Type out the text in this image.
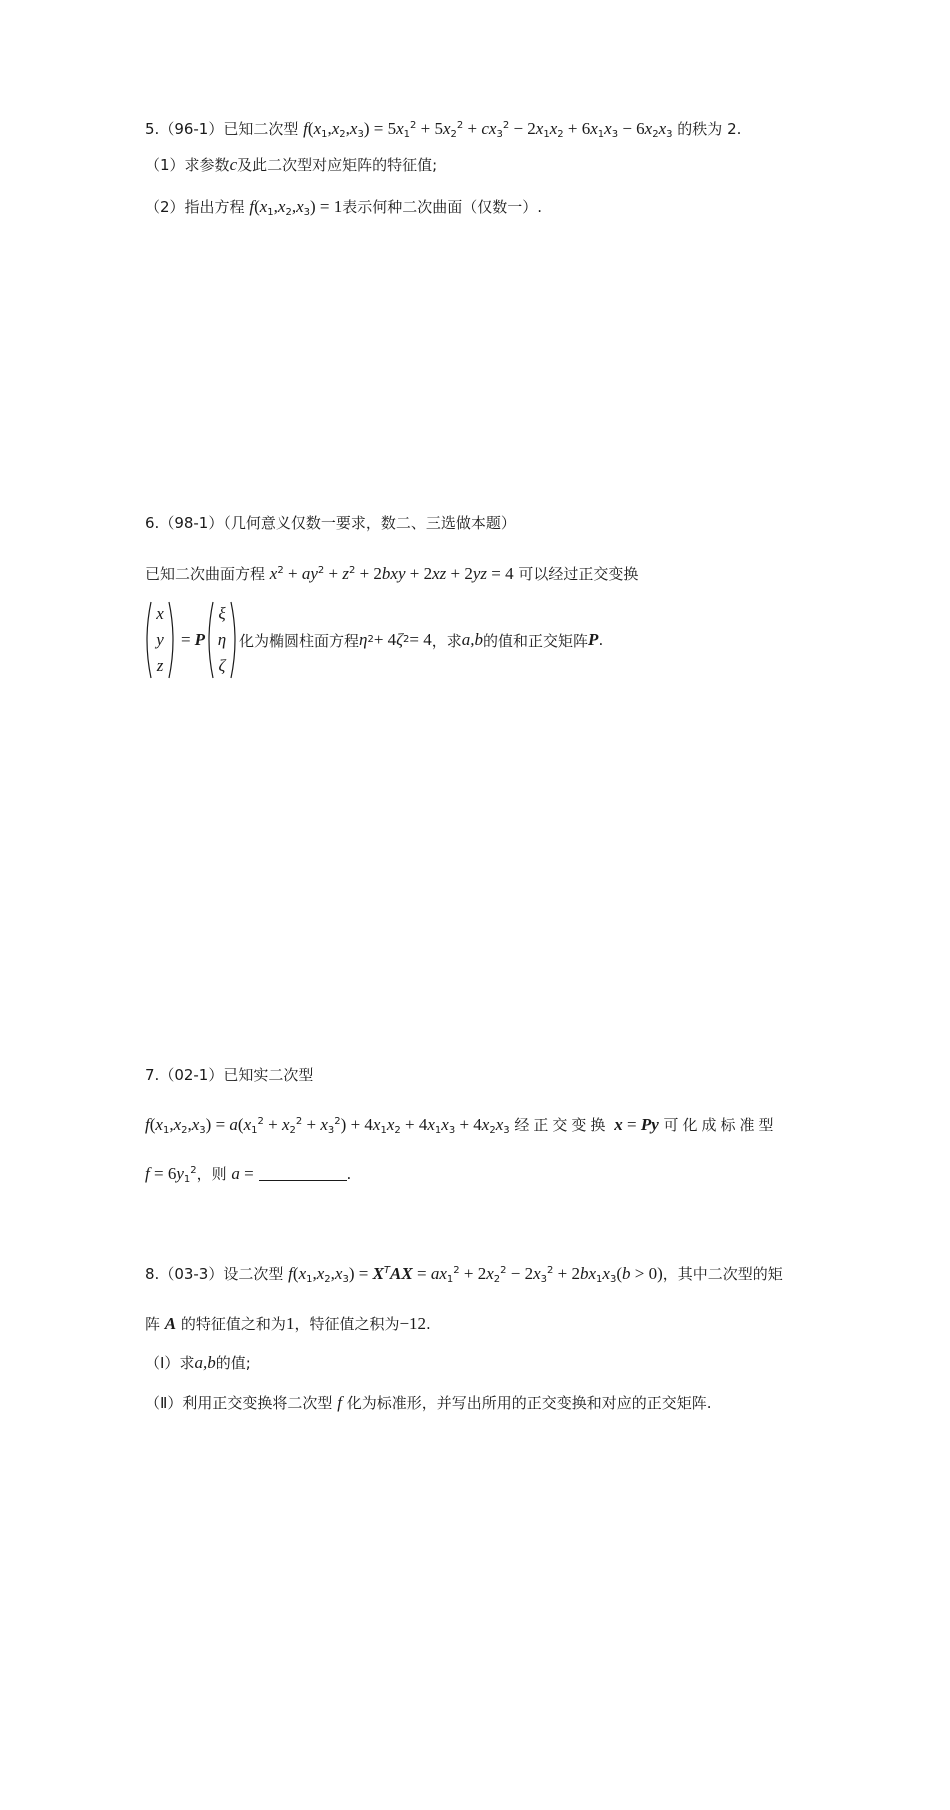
5.（96-1）已知二次型 $f(x_1,x_2,x_3) = 5x_1^2 + 5x_2^2 + cx_3^2 - 2x_1x_2 + 6x_1x_3 - 6x_2x_3$ 的秩为 2.
（1）求参数c及此二次型对应矩阵的特征值;
（2）指出方程 $f(x_1,x_2,x_3) = 1$表示何种二次曲面（仅数一）.
6.（98-1）（几何意义仅数一要求，数二、三选做本题）
已知二次曲面方程 $x^2 + ay^2 + z^2 + 2bxy + 2xz + 2yz = 4$ 可以经过正交变换
x
y
z
= P
ξ
η
ζ
化为椭圆柱面方程 η 2 + 4 ζ 2 = 4 ，求 a,b 的值和正交矩阵 P .
7.（02-1）已知实二次型
$f(x_1,x_2,x_3) = a(x_1^2 + x_2^2 + x_3^2) + 4x_1x_2 + 4x_1x_3 + 4x_2x_3$ 经正交变换 x = Py 可化成标准型
$f = 6y_1^2$，则 a =	.
8.（03-3）设二次型 $f(x_1,x_2,x_3) = X^TAX = ax_1^2 + 2x_2^2 - 2x_3^2 + 2bx_1x_3(b > 0)$，其中二次型的矩
阵 A 的特征值之和为1，特征值之积为−12.
（Ⅰ）求a,b的值;
（Ⅱ）利用正交变换将二次型 f 化为标准形，并写出所用的正交变换和对应的正交矩阵.
